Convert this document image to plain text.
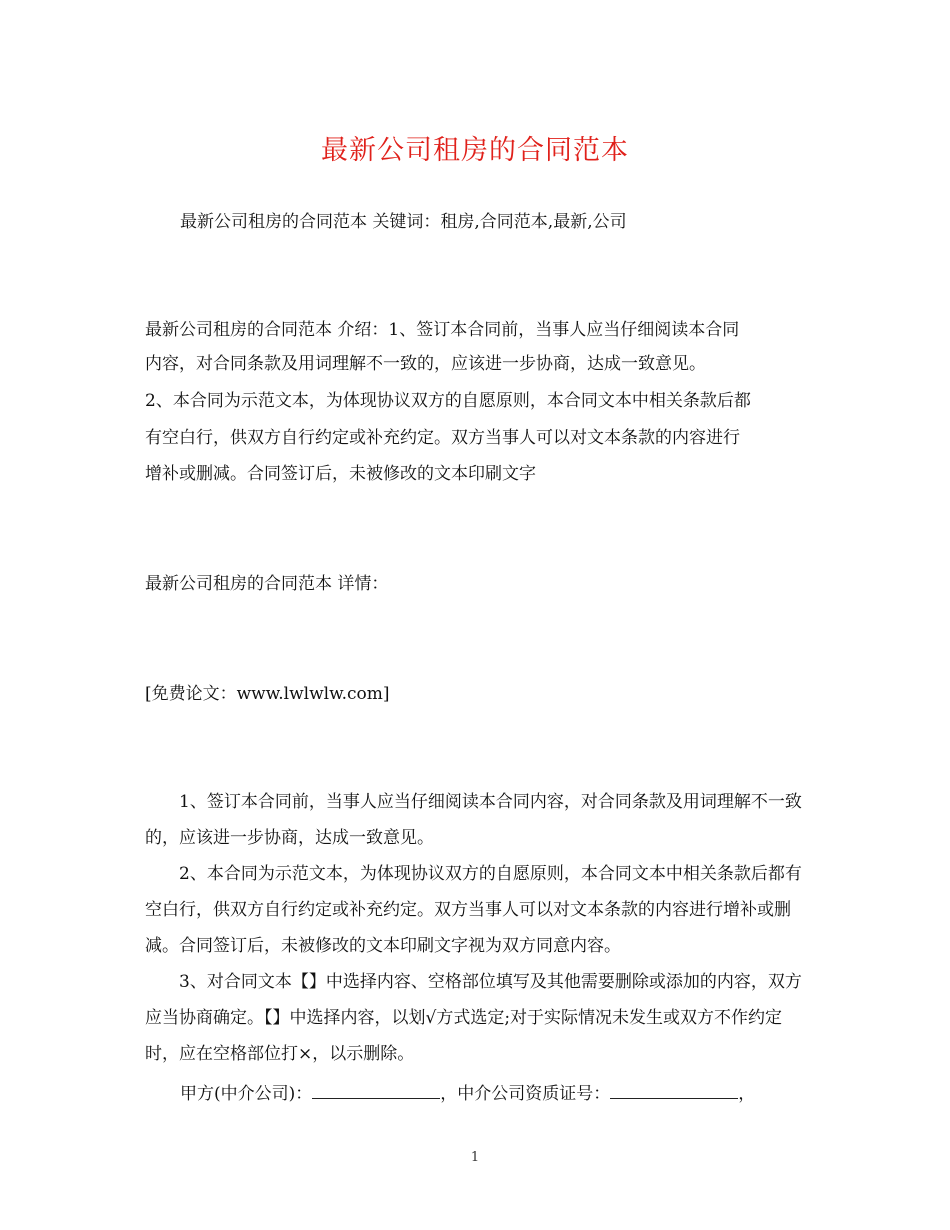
最新公司租房的合同范本
最新公司租房的合同范本 关键词：租房,合同范本,最新,公司
最新公司租房的合同范本 介绍：1、签订本合同前，当事人应当仔细阅读本合同
内容，对合同条款及用词理解不一致的，应该进一步协商，达成一致意见。
2、本合同为示范文本，为体现协议双方的自愿原则，本合同文本中相关条款后都
有空白行，供双方自行约定或补充约定。双方当事人可以对文本条款的内容进行
增补或删减。合同签订后，未被修改的文本印刷文字
最新公司租房的合同范本 详情：
[免费论文：www.lwlwlw.com]
1、签订本合同前，当事人应当仔细阅读本合同内容，对合同条款及用词理解不一致的，应该进一步协商，达成一致意见。
2、本合同为示范文本，为体现协议双方的自愿原则，本合同文本中相关条款后都有空白行，供双方自行约定或补充约定。双方当事人可以对文本条款的内容进行增补或删减。合同签订后，未被修改的文本印刷文字视为双方同意内容。
3、对合同文本【】中选择内容、空格部位填写及其他需要删除或添加的内容，双方应当协商确定。【】中选择内容，以划√方式选定;对于实际情况未发生或双方不作约定时，应在空格部位打×，以示删除。
甲方(中介公司)：	，中介公司资质证号：	，
1
